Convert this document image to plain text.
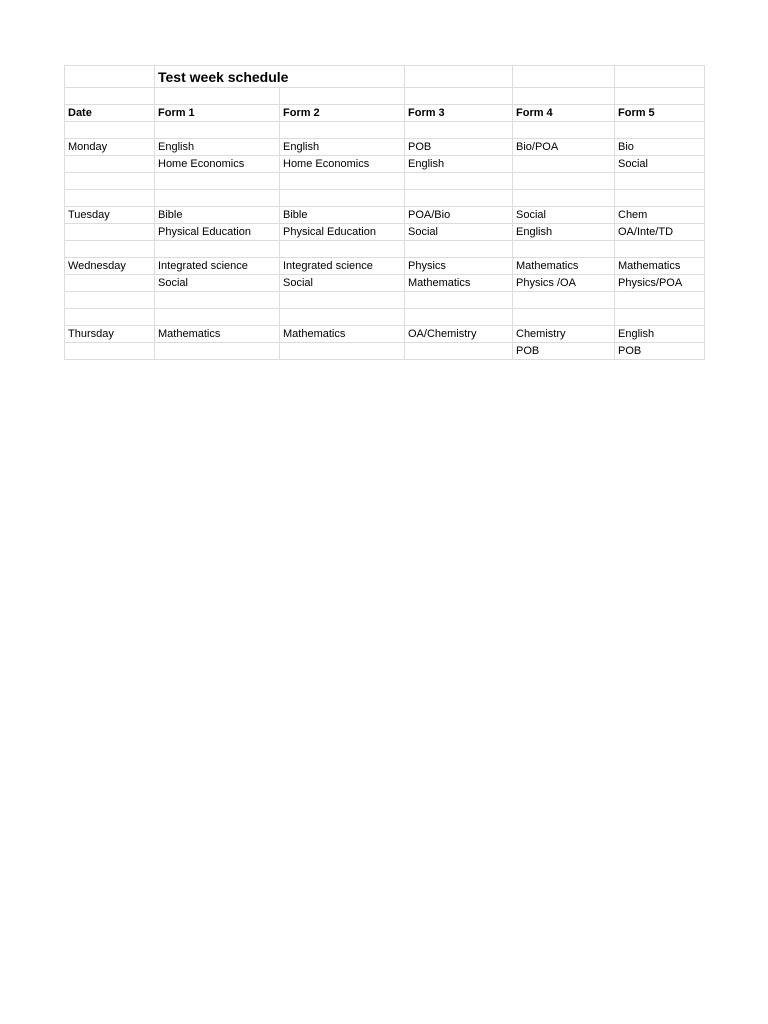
	Test week schedule				

Date	Form 1	Form 2	Form 3	Form 4	Form 5

Monday	English	English	POB	Bio/POA	Bio
	Home Economics	Home Economics	English		Social

Tuesday	Bible	Bible	POA/Bio	Social	Chem
	Physical Education	Physical Education	Social	English	OA/Inte/TD

Wednesday	Integrated science	Integrated science	Physics	Mathematics	Mathematics
	Social	Social	Mathematics	Physics /OA	Physics/POA

Thursday	Mathematics	Mathematics	OA/Chemistry	Chemistry	English
				POB	POB
